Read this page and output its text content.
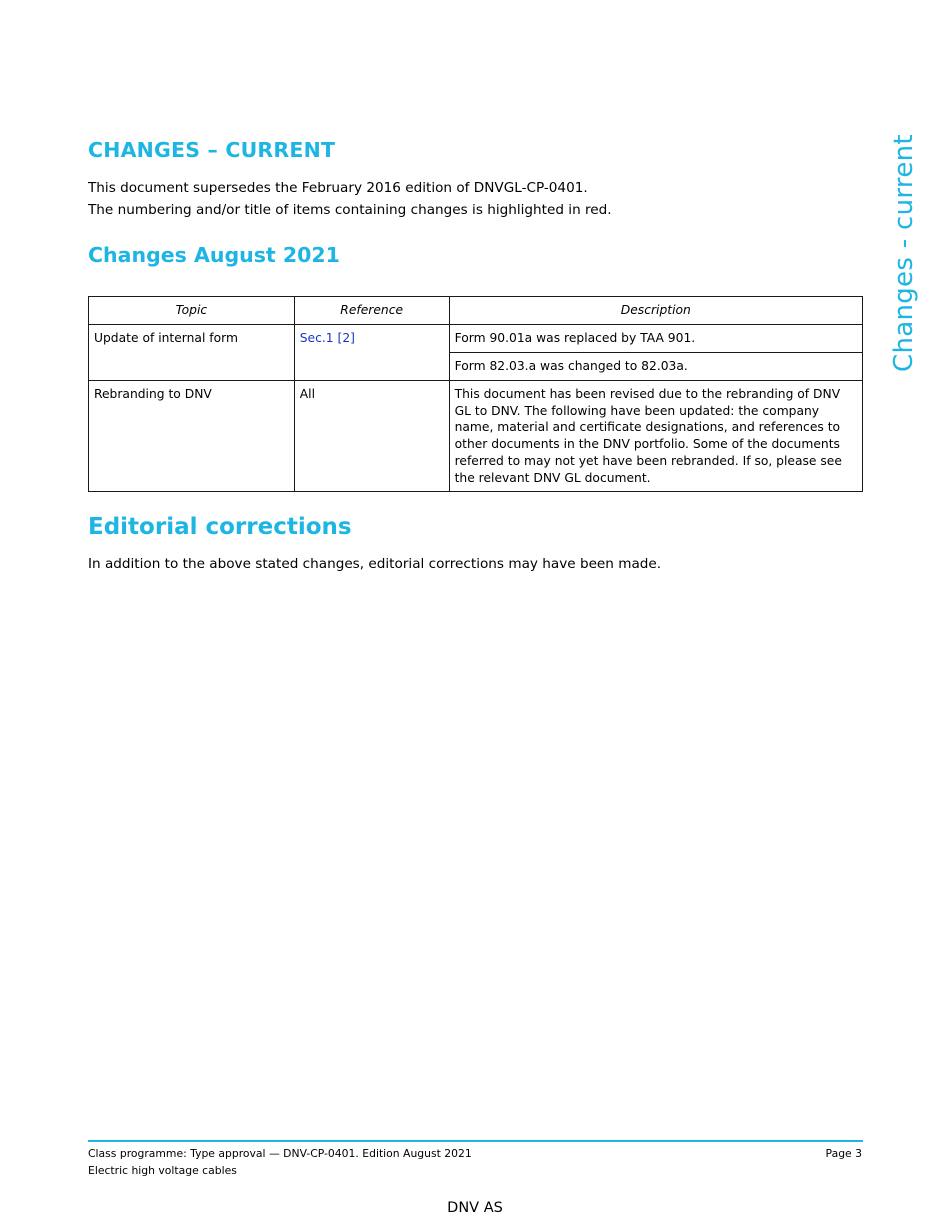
Changes - current
CHANGES – CURRENT

This document supersedes the February 2016 edition of DNVGL-CP-0401.

The numbering and/or title of items containing changes is highlighted in red.

Changes August 2021
Topic	Reference	Description
Update of internal form	Sec.1 [2]	Form 90.01a was replaced by TAA 901.
		Form 82.03.a was changed to 82.03a.
Rebranding to DNV	All	This document has been revised due to the rebranding of DNV GL to DNV. The following have been updated: the company name, material and certificate designations, and references to other documents in the DNV portfolio. Some of the documents referred to may not yet have been rebranded. If so, please see the relevant DNV GL document.
Editorial corrections

In addition to the above stated changes, editorial corrections may have been made.

Class programme: Type approval — DNV-CP-0401. Edition August 2021
Electric high voltage cables
Page 3
DNV AS
